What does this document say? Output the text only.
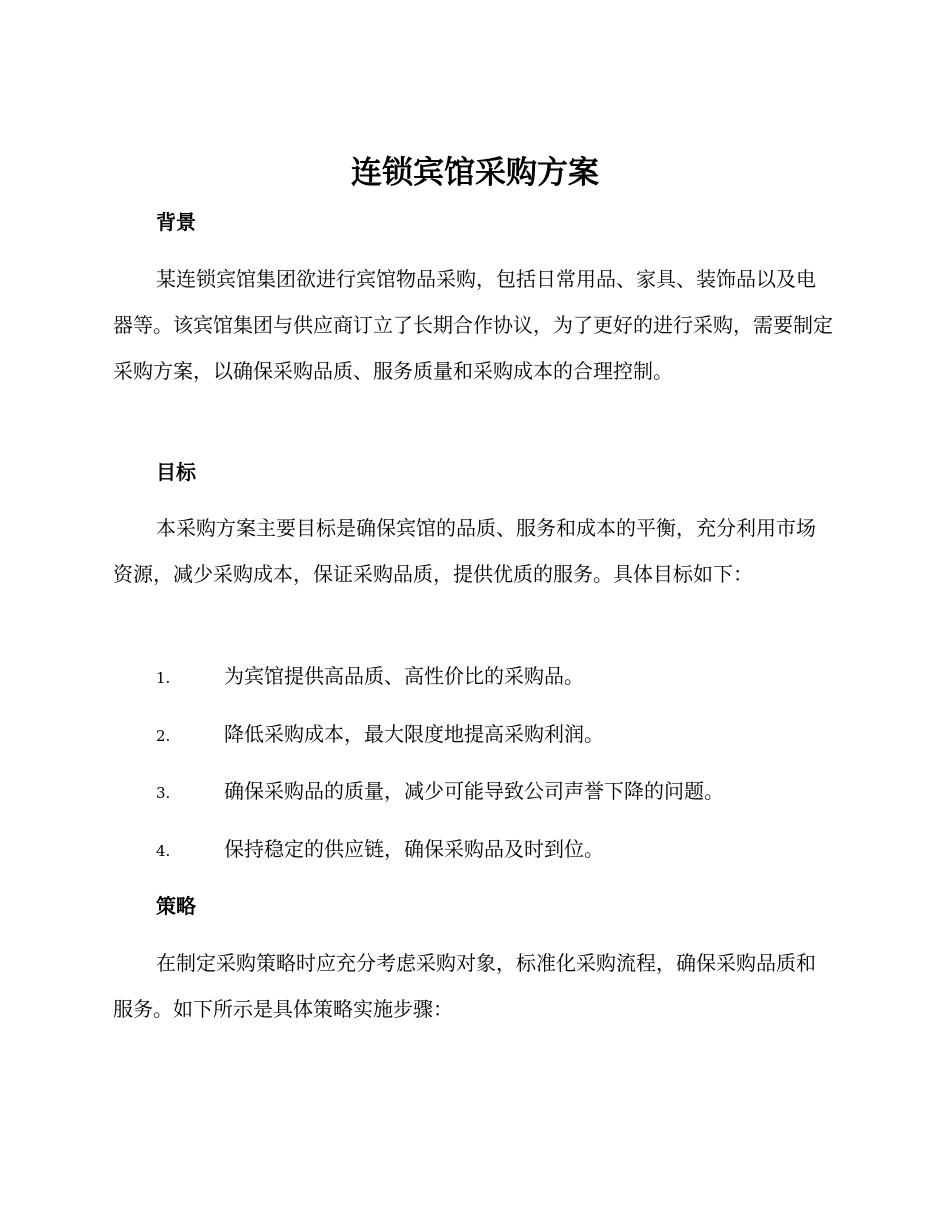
连锁宾馆采购方案
背景

某连锁宾馆集团欲进行宾馆物品采购，包括日常用品、家具、装饰品以及电器等。该宾馆集团与供应商订立了长期合作协议，为了更好的进行采购，需要制定采购方案，以确保采购品质、服务质量和采购成本的合理控制。

目标

本采购方案主要目标是确保宾馆的品质、服务和成本的平衡，充分利用市场资源，减少采购成本，保证采购品质，提供优质的服务。具体目标如下：

1.	为宾馆提供高品质、高性价比的采购品。
2.	降低采购成本，最大限度地提高采购利润。
3.	确保采购品的质量，减少可能导致公司声誉下降的问题。
4.	保持稳定的供应链，确保采购品及时到位。
策略

在制定采购策略时应充分考虑采购对象，标准化采购流程，确保采购品质和服务。如下所示是具体策略实施步骤：
